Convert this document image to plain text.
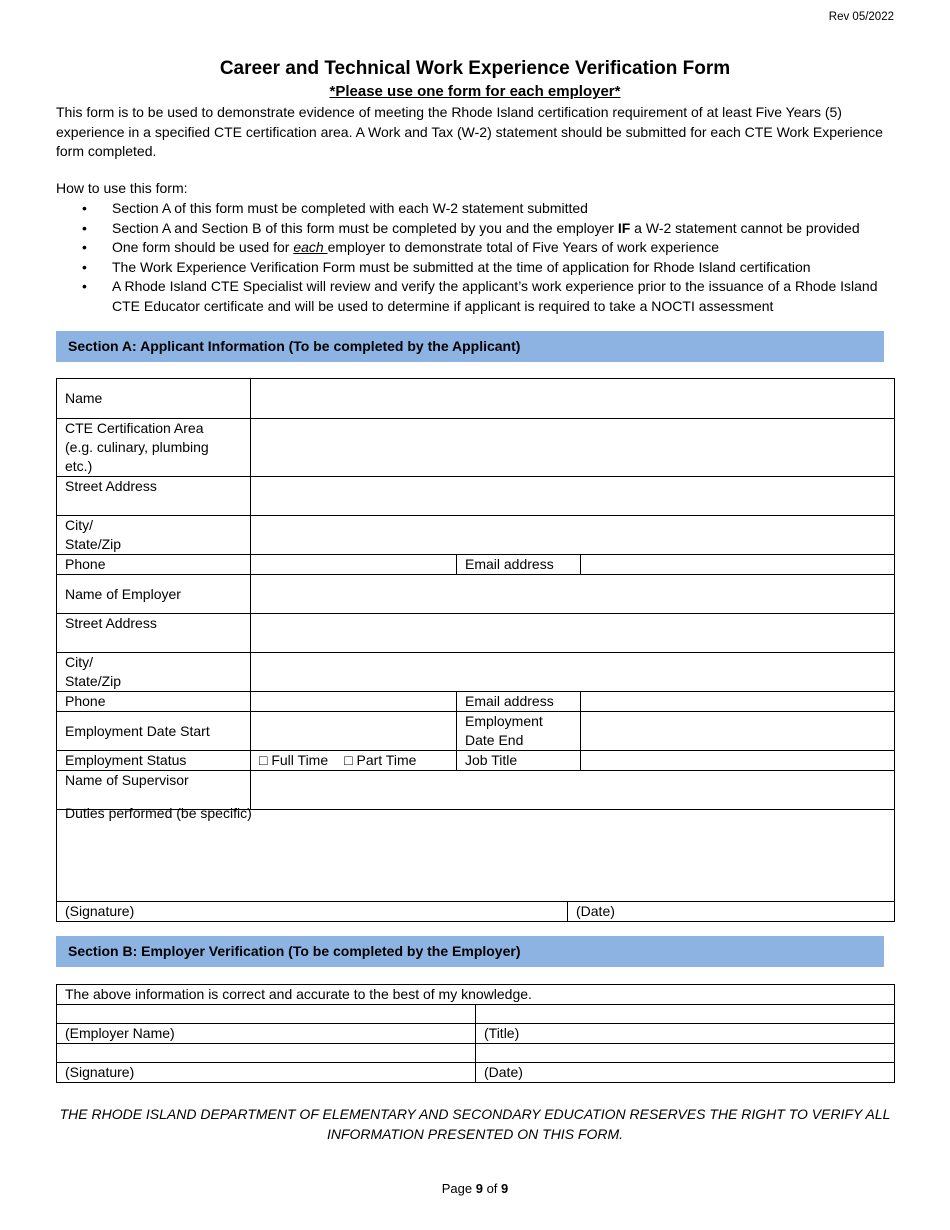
Rev 05/2022
Career and Technical Work Experience Verification Form
*Please use one form for each employer*
This form is to be used to demonstrate evidence of meeting the Rhode Island certification requirement of at least Five Years (5) experience in a specified CTE certification area. A Work and Tax (W-2) statement should be submitted for each CTE Work Experience form completed.
How to use this form:
• Section A of this form must be completed with each W-2 statement submitted
• Section A and Section B of this form must be completed by you and the employer IF a W-2 statement cannot be provided
• One form should be used for each employer to demonstrate total of Five Years of work experience
• The Work Experience Verification Form must be submitted at the time of application for Rhode Island certification
• A Rhode Island CTE Specialist will review and verify the applicant’s work experience prior to the issuance of a Rhode Island CTE Educator certificate and will be used to determine if applicant is required to take a NOCTI assessment
Section A: Applicant Information (To be completed by the Applicant)
Name			
CTE Certification Area
(e.g. culinary, plumbing
etc.)			
Street Address			
City/
State/Zip			
Phone		Email address	
Name of Employer			
Street Address			
City/
State/Zip			
Phone		Email address	
Employment Date Start		Employment
Date End	
Employment Status	□ Full Time □ Part Time	Job Title	
Name of Supervisor			
Duties performed (be specific)
(Signature)	(Date)
Section B: Employer Verification (To be completed by the Employer)
The above information is correct and accurate to the best of my knowledge.	

(Employer Name)	(Title)

(Signature)	(Date)
THE RHODE ISLAND DEPARTMENT OF ELEMENTARY AND SECONDARY EDUCATION RESERVES THE RIGHT TO VERIFY ALL
INFORMATION PRESENTED ON THIS FORM.
Page 9 of 9
